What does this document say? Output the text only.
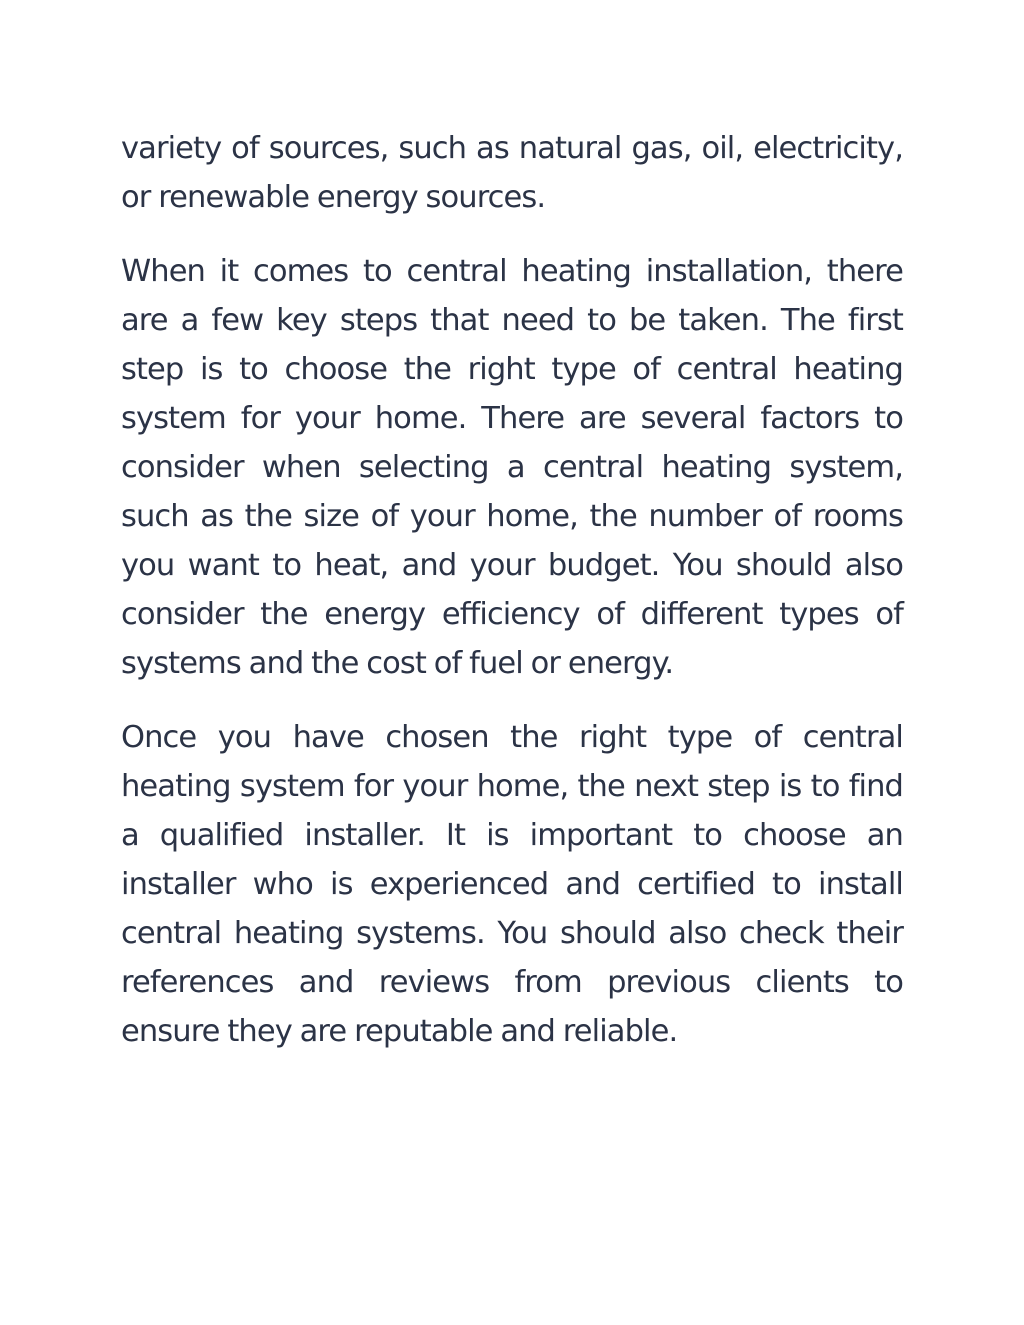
variety of sources, such as natural gas, oil, electricity, or renewable energy sources.

When it comes to central heating installation, there are a few key steps that need to be taken. The first step is to choose the right type of central heating system for your home. There are several factors to consider when selecting a central heating system, such as the size of your home, the number of rooms you want to heat, and your budget. You should also consider the energy efficiency of different types of systems and the cost of fuel or energy.

Once you have chosen the right type of central heating system for your home, the next step is to find a qualified installer. It is important to choose an installer who is experienced and certified to install central heating systems. You should also check their references and reviews from previous clients to ensure they are reputable and reliable.
